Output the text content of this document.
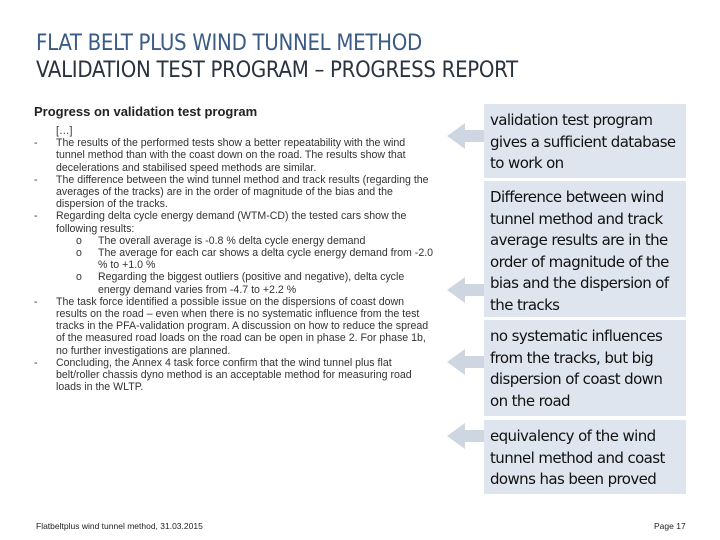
FLAT BELT PLUS WIND TUNNEL METHOD
VALIDATION TEST PROGRAM – PROGRESS REPORT
Progress on validation test program
[…]
- The results of the performed tests show a better repeatability with the wind tunnel method than with the coast down on the road. The results show that decelerations and stabilised speed methods are similar.
- The difference between the wind tunnel method and track results (regarding the averages of the tracks) are in the order of magnitude of the bias and the dispersion of the tracks.
- Regarding delta cycle energy demand (WTM-CD) the tested cars show the following results:
o The overall average is -0.8 % delta cycle energy demand
o The average for each car shows a delta cycle energy demand from -2.0 % to +1.0 %
o Regarding the biggest outliers (positive and negative), delta cycle energy demand varies from -4.7 to +2.2 %
- The task force identified a possible issue on the dispersions of coast down results on the road – even when there is no systematic influence from the test tracks in the PFA-validation program. A discussion on how to reduce the spread of the measured road loads on the road can be open in phase 2. For phase 1b, no further investigations are planned.
- Concluding, the Annex 4 task force confirm that the wind tunnel plus flat belt/roller chassis dyno method is an acceptable method for measuring road loads in the WLTP.
validation test program gives a sufficient database to work on
Difference between wind tunnel method and track average results are in the order of magnitude of the bias and the dispersion of the tracks
no systematic influences from the tracks, but big dispersion of coast down on the road
equivalency of the wind tunnel method and coast downs has been proved
Flatbeltplus wind tunnel method, 31.03.2015	Page 17
